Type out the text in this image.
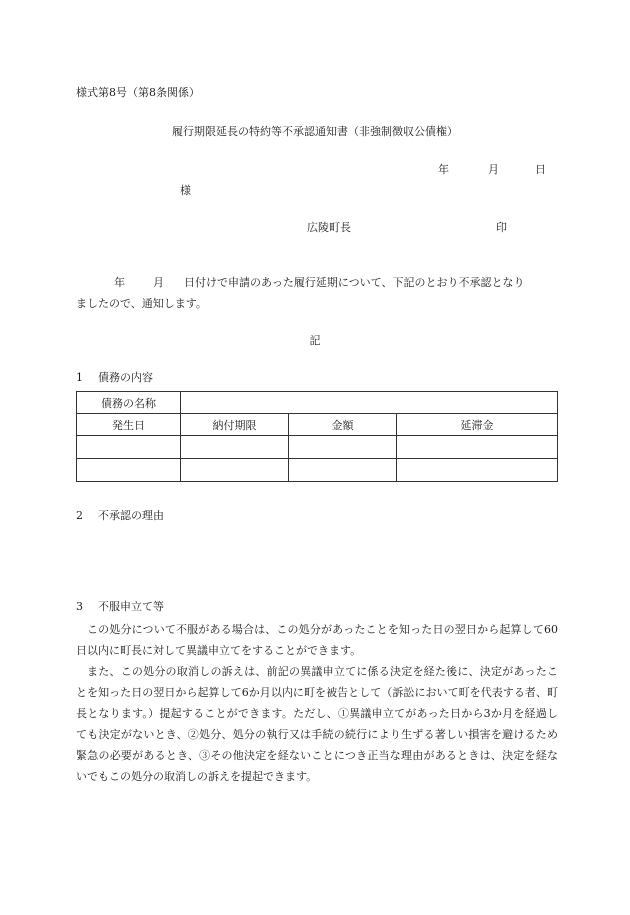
様式第8号（第8条関係）
履行期限延長の特約等不承認通知書（非強制徴収公債権）
年	月	日
様
広陵町長	印
年	月 日付けで申請のあった履行延期について、下記のとおり不承認となり
ましたので、通知します。
記
1 債務の内容
債務の名称			
発生日	納付期限	金額	延滞金

2 不承認の理由
3 不服申立て等
この処分について不服がある場合は、この処分があったことを知った日の翌日から起算して60日以内に町長に対して異議申立てをすることができます。
また、この処分の取消しの訴えは、前記の異議申立てに係る決定を経た後に、決定があったことを知った日の翌日から起算して6か月以内に町を被告として（訴訟において町を代表する者、町長となります。）提起することができます。ただし、①異議申立てがあった日から3か月を経過しても決定がないとき、②処分、処分の執行又は手続の続行により生ずる著しい損害を避けるため緊急の必要があるとき、③その他決定を経ないことにつき正当な理由があるときは、決定を経ないでもこの処分の取消しの訴えを提起できます。
